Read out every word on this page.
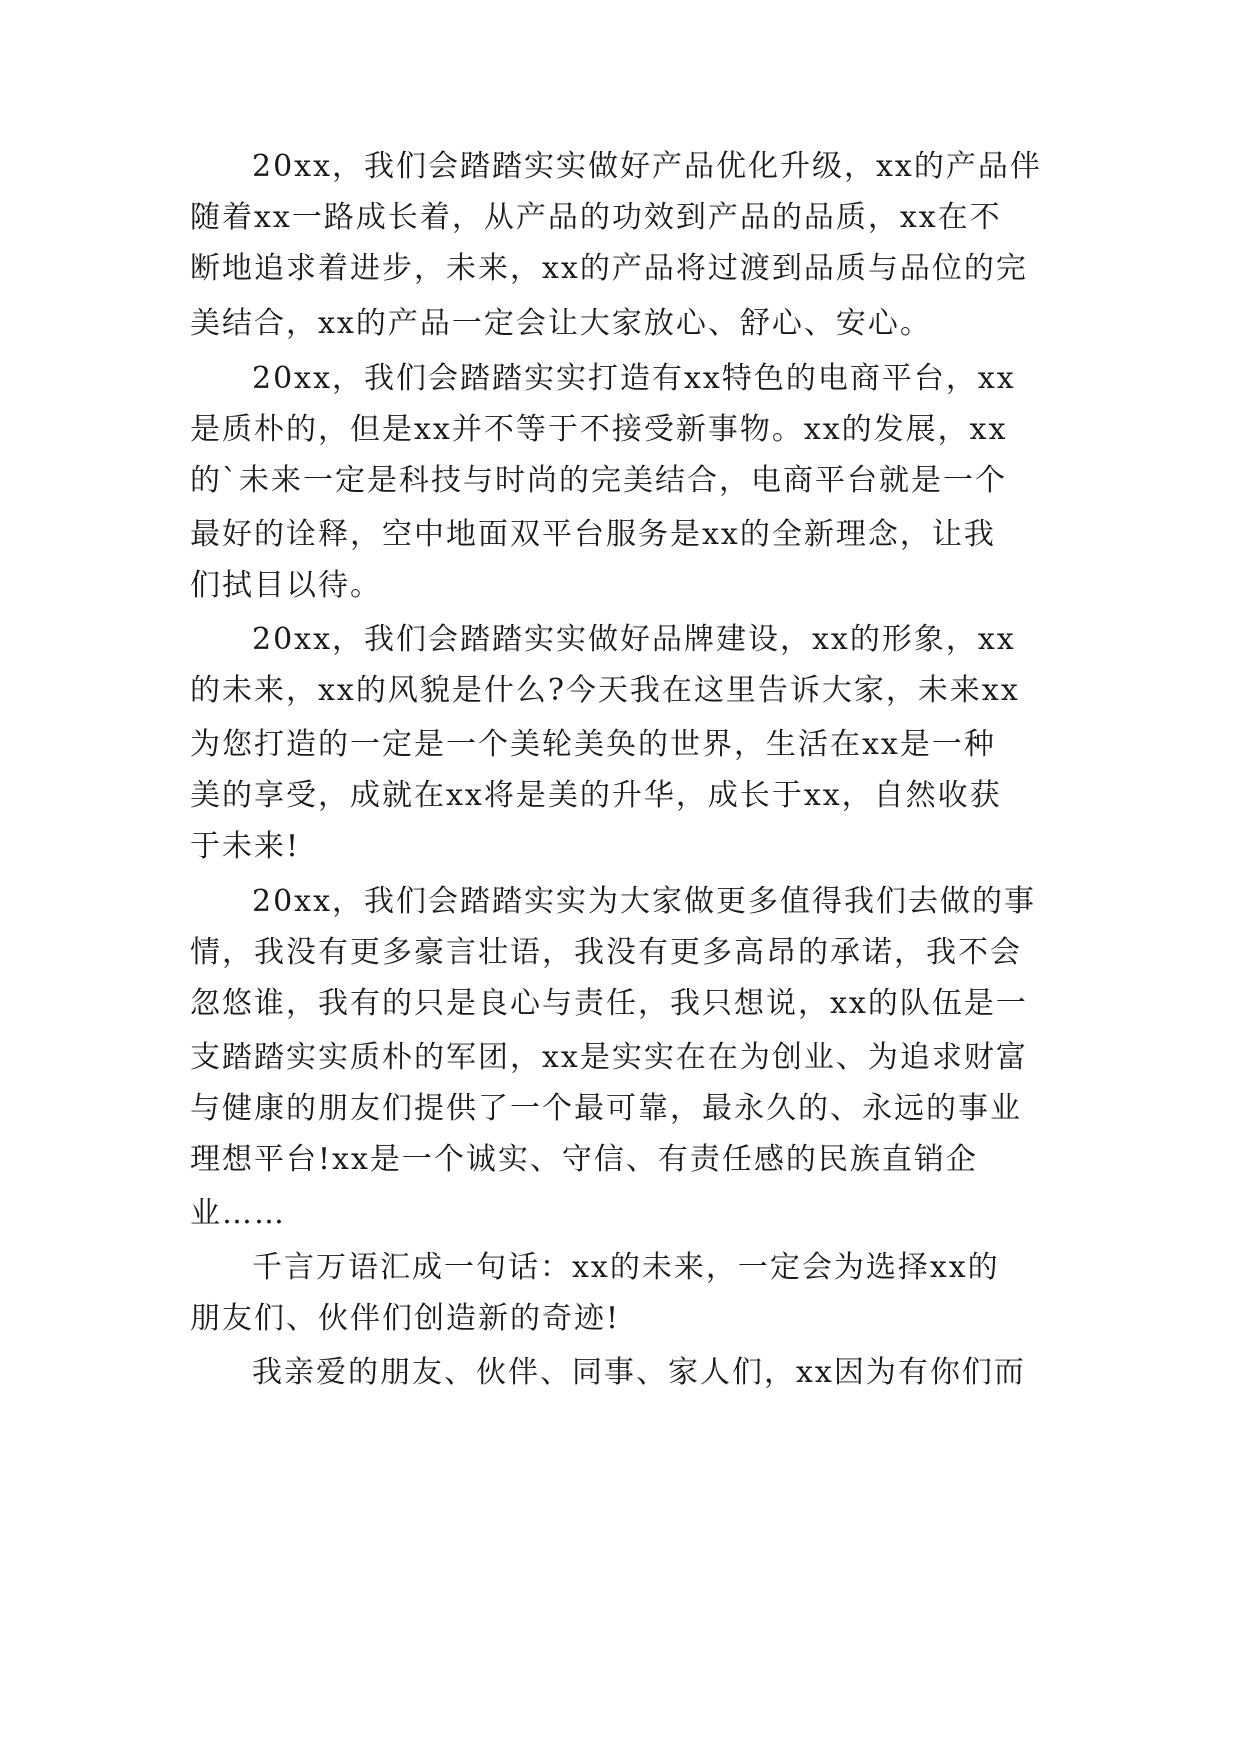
20xx，我们会踏踏实实做好产品优化升级，xx的产品伴
随着xx一路成长着，从产品的功效到产品的品质，xx在不
断地追求着进步，未来，xx的产品将过渡到品质与品位的完
美结合，xx的产品一定会让大家放心、舒心、安心。
20xx，我们会踏踏实实打造有xx特色的电商平台，xx
是质朴的，但是xx并不等于不接受新事物。xx的发展，xx
的`未来一定是科技与时尚的完美结合，电商平台就是一个
最好的诠释，空中地面双平台服务是xx的全新理念，让我
们拭目以待。
20xx，我们会踏踏实实做好品牌建设，xx的形象，xx
的未来，xx的风貌是什么?今天我在这里告诉大家，未来xx
为您打造的一定是一个美轮美奂的世界，生活在xx是一种
美的享受，成就在xx将是美的升华，成长于xx，自然收获
于未来!
20xx，我们会踏踏实实为大家做更多值得我们去做的事
情，我没有更多豪言壮语，我没有更多高昂的承诺，我不会
忽悠谁，我有的只是良心与责任，我只想说，xx的队伍是一
支踏踏实实质朴的军团，xx是实实在在为创业、为追求财富
与健康的朋友们提供了一个最可靠，最永久的、永远的事业
理想平台!xx是一个诚实、守信、有责任感的民族直销企
业……
千言万语汇成一句话：xx的未来，一定会为选择xx的
朋友们、伙伴们创造新的奇迹!
我亲爱的朋友、伙伴、同事、家人们，xx因为有你们而
